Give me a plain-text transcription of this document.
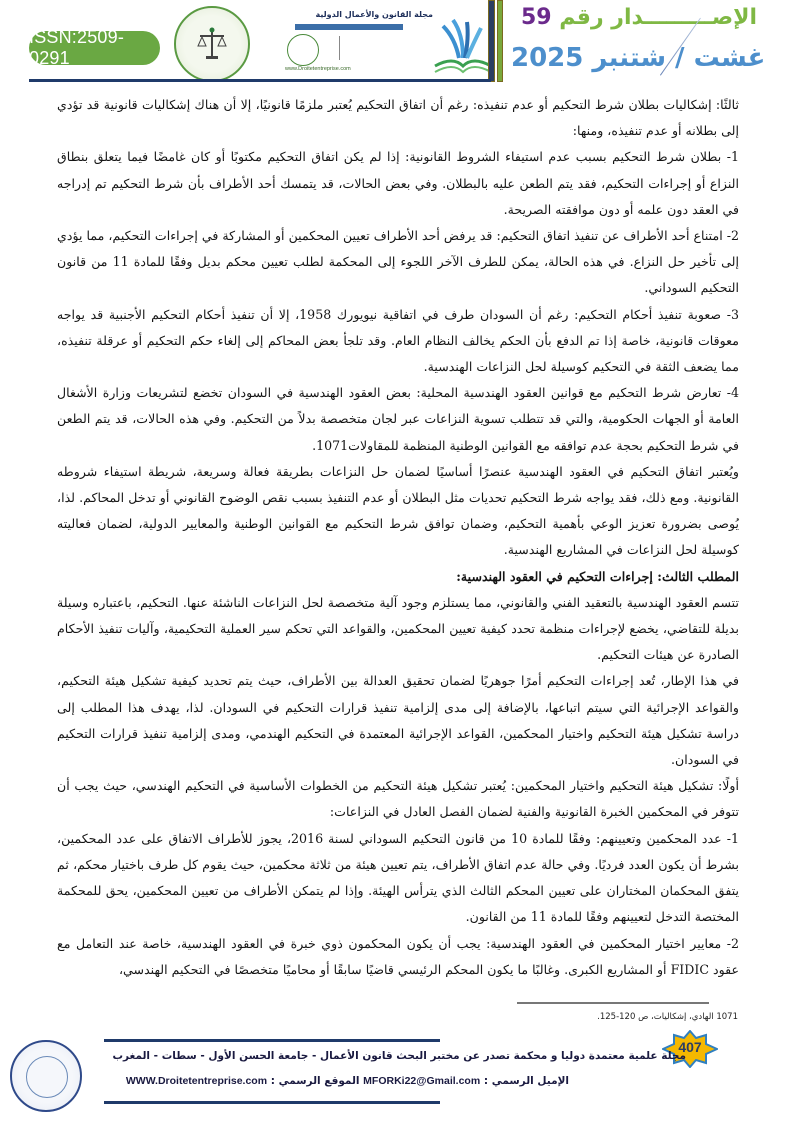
ISSN:2509-0291
مجلة القانون والأعمال الدولية
www.Droitetentreprise.com
الإصـــــــــدار رقم 59
غشت / شتنبر 2025

ثالثًا: إشكاليات بطلان شرط التحكيم أو عدم تنفيذه: رغم أن اتفاق التحكيم يُعتبر ملزمًا قانونيًا، إلا أن هناك إشكاليات قانونية قد تؤدي إلى بطلانه أو عدم تنفيذه، ومنها:

1- بطلان شرط التحكيم بسبب عدم استيفاء الشروط القانونية: إذا لم يكن اتفاق التحكيم مكتوبًا أو كان غامضًا فيما يتعلق بنطاق النزاع أو إجراءات التحكيم، فقد يتم الطعن عليه بالبطلان. وفي بعض الحالات، قد يتمسك أحد الأطراف بأن شرط التحكيم تم إدراجه في العقد دون علمه أو دون موافقته الصريحة.

2- امتناع أحد الأطراف عن تنفيذ اتفاق التحكيم: قد يرفض أحد الأطراف تعيين المحكمين أو المشاركة في إجراءات التحكيم، مما يؤدي إلى تأخير حل النزاع. في هذه الحالة، يمكن للطرف الآخر اللجوء إلى المحكمة لطلب تعيين محكم بديل وفقًا للمادة 11 من قانون التحكيم السوداني.

3- صعوبة تنفيذ أحكام التحكيم: رغم أن السودان طرف في اتفاقية نيويورك 1958، إلا أن تنفيذ أحكام التحكيم الأجنبية قد يواجه معوقات قانونية، خاصة إذا تم الدفع بأن الحكم يخالف النظام العام. وقد تلجأ بعض المحاكم إلى إلغاء حكم التحكيم أو عرقلة تنفيذه، مما يضعف الثقة في التحكيم كوسيلة لحل النزاعات الهندسية.

4- تعارض شرط التحكيم مع قوانين العقود الهندسية المحلية: بعض العقود الهندسية في السودان تخضع لتشريعات وزارة الأشغال العامة أو الجهات الحكومية، والتي قد تتطلب تسوية النزاعات عبر لجان متخصصة بدلاً من التحكيم. وفي هذه الحالات، قد يتم الطعن في شرط التحكيم بحجة عدم توافقه مع القوانين الوطنية المنظمة للمقاولات1071.

ويُعتبر اتفاق التحكيم في العقود الهندسية عنصرًا أساسيًا لضمان حل النزاعات بطريقة فعالة وسريعة، شريطة استيفاء شروطه القانونية. ومع ذلك، فقد يواجه شرط التحكيم تحديات مثل البطلان أو عدم التنفيذ بسبب نقص الوضوح القانوني أو تدخل المحاكم. لذا، يُوصى بضرورة تعزيز الوعي بأهمية التحكيم، وضمان توافق شرط التحكيم مع القوانين الوطنية والمعايير الدولية، لضمان فعاليته كوسيلة لحل النزاعات في المشاريع الهندسية.

المطلب الثالث: إجراءات التحكيم في العقود الهندسية:

تتسم العقود الهندسية بالتعقيد الفني والقانوني، مما يستلزم وجود آلية متخصصة لحل النزاعات الناشئة عنها. التحكيم، باعتباره وسيلة بديلة للتقاضي، يخضع لإجراءات منظمة تحدد كيفية تعيين المحكمين، والقواعد التي تحكم سير العملية التحكيمية، وآليات تنفيذ الأحكام الصادرة عن هيئات التحكيم.

في هذا الإطار، تُعد إجراءات التحكيم أمرًا جوهريًا لضمان تحقيق العدالة بين الأطراف، حيث يتم تحديد كيفية تشكيل هيئة التحكيم، والقواعد الإجرائية التي سيتم اتباعها، بالإضافة إلى مدى إلزامية تنفيذ قرارات التحكيم في السودان. لذا، يهدف هذا المطلب إلى دراسة تشكيل هيئة التحكيم واختيار المحكمين، القواعد الإجرائية المعتمدة في التحكيم الهندمي، ومدى إلزامية تنفيذ قرارات التحكيم في السودان.

أولًا: تشكيل هيئة التحكيم واختيار المحكمين: يُعتبر تشكيل هيئة التحكيم من الخطوات الأساسية في التحكيم الهندسي، حيث يجب أن تتوفر في المحكمين الخبرة القانونية والفنية لضمان الفصل العادل في النزاعات:

1- عدد المحكمين وتعيينهم: وفقًا للمادة 10 من قانون التحكيم السوداني لسنة 2016، يجوز للأطراف الاتفاق على عدد المحكمين، بشرط أن يكون العدد فرديًا. وفي حالة عدم اتفاق الأطراف، يتم تعيين هيئة من ثلاثة محكمين، حيث يقوم كل طرف باختيار محكم، ثم يتفق المحكمان المختاران على تعيين المحكم الثالث الذي يترأس الهيئة. وإذا لم يتمكن الأطراف من تعيين المحكمين، يحق للمحكمة المختصة التدخل لتعيينهم وفقًا للمادة 11 من القانون.

2- معايير اختيار المحكمين في العقود الهندسية: يجب أن يكون المحكمون ذوي خبرة في العقود الهندسية، خاصة عند التعامل مع عقود FIDIC أو المشاريع الكبرى. وغالبًا ما يكون المحكم الرئيسي قاضيًا سابقًا أو محاميًا متخصصًا في التحكيم الهندسي،

1071 الهادي، إشكاليات، ص 120-125.
407
مجلة علمية معتمدة دوليا و محكمة تصدر عن مختبر البحث قانون الأعمال - جامعة الحسن الأول - سطات - المغرب
الإميل الرسمي : MFORKi22@Gmail.com الموقع الرسمي : WWW.Droitetentreprise.com
